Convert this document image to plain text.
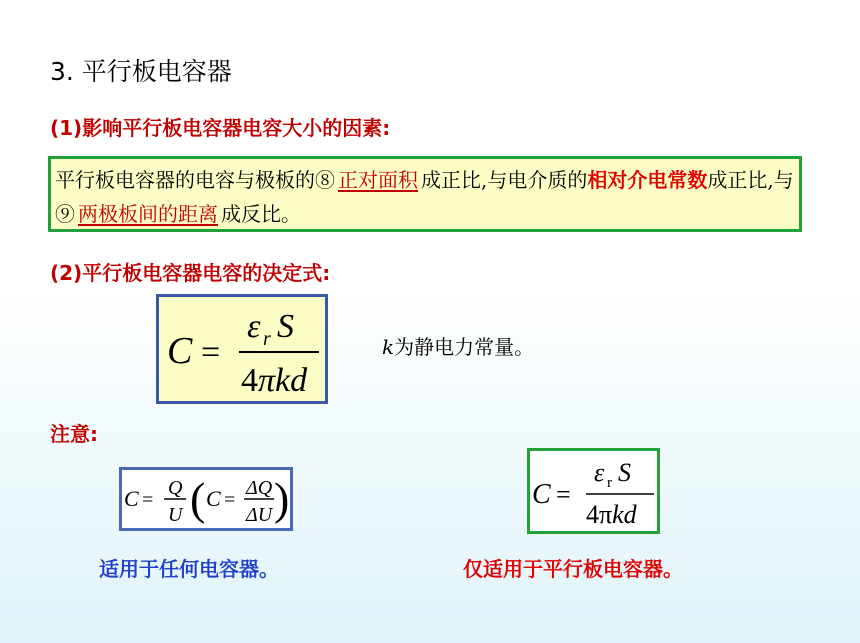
3. 平行板电容器
(1)影响平行板电容器电容大小的因素:
平行板电容器的电容与极板的⑧ 正对面积 成正比,与电介质的相对介电常数成正比,与⑨ 两极板间的距离 成反比。
(2)平行板电容器电容的决定式:
C =
ε r S
4πkd
k为静电力常量。
注意:
C =
Q
U ( C =
ΔQ
ΔU )	C =
ε r S
4πkd
适用于任何电容器。	仅适用于平行板电容器。
